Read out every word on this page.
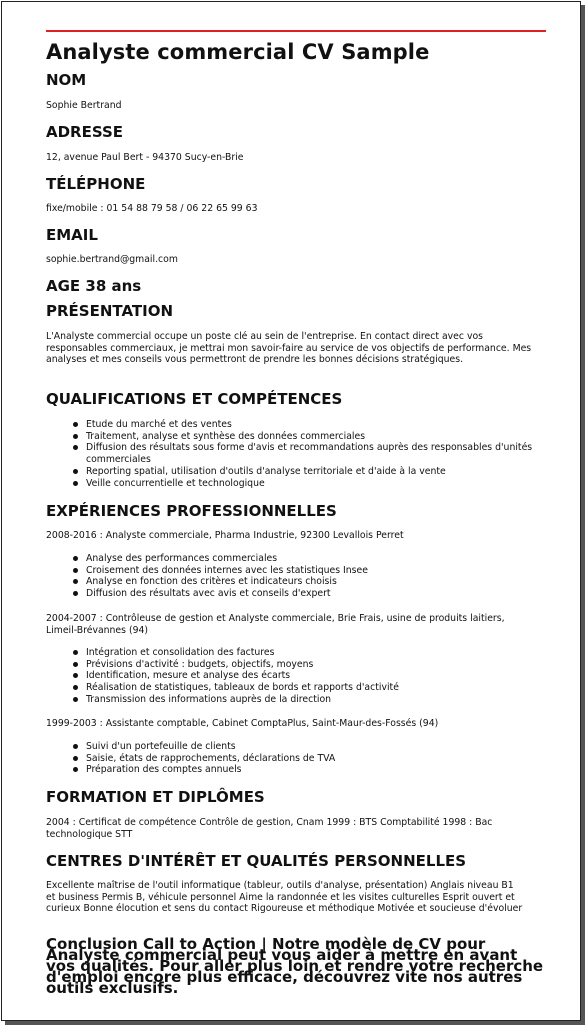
Analyste commercial CV Sample
NOM
Sophie Bertrand
ADRESSE
12, avenue Paul Bert - 94370 Sucy-en-Brie
TÉLÉPHONE
fixe/mobile : 01 54 88 79 58 / 06 22 65 99 63
EMAIL
sophie.bertrand@gmail.com
AGE 38 ans
PRÉSENTATION
L'Analyste commercial occupe un poste clé au sein de l'entreprise. En contact direct avec vos responsables commerciaux, je mettrai mon savoir-faire au service de vos objectifs de performance. Mes analyses et mes conseils vous permettront de prendre les bonnes décisions stratégiques.
QUALIFICATIONS ET COMPÉTENCES
Etude du marché et des ventes
Traitement, analyse et synthèse des données commerciales
Diffusion des résultats sous forme d'avis et recommandations auprès des responsables d'unités commerciales
Reporting spatial, utilisation d'outils d'analyse territoriale et d'aide à la vente
Veille concurrentielle et technologique
EXPÉRIENCES PROFESSIONNELLES
2008-2016 : Analyste commerciale, Pharma Industrie, 92300 Levallois Perret
Analyse des performances commerciales
Croisement des données internes avec les statistiques Insee
Analyse en fonction des critères et indicateurs choisis
Diffusion des résultats avec avis et conseils d'expert
2004-2007 : Contrôleuse de gestion et Analyste commerciale, Brie Frais, usine de produits laitiers, Limeil-Brévannes (94)
Intégration et consolidation des factures
Prévisions d'activité : budgets, objectifs, moyens
Identification, mesure et analyse des écarts
Réalisation de statistiques, tableaux de bords et rapports d'activité
Transmission des informations auprès de la direction
1999-2003 : Assistante comptable, Cabinet ComptaPlus, Saint-Maur-des-Fossés (94)
Suivi d'un portefeuille de clients
Saisie, états de rapprochements, déclarations de TVA
Préparation des comptes annuels
FORMATION ET DIPLÔMES
2004 : Certificat de compétence Contrôle de gestion, Cnam 1999 : BTS Comptabilité 1998 : Bac technologique STT
CENTRES D'INTÉRÊT ET QUALITÉS PERSONNELLES
Excellente maîtrise de l'outil informatique (tableur, outils d'analyse, présentation) Anglais niveau B1 et business Permis B, véhicule personnel Aime la randonnée et les visites culturelles Esprit ouvert et curieux Bonne élocution et sens du contact Rigoureuse et méthodique Motivée et soucieuse d'évoluer
Conclusion Call to Action | Notre modèle de CV pour Analyste commercial peut vous aider à mettre en avant vos qualités. Pour aller plus loin et rendre votre recherche d'emploi encore plus efficace, découvrez vite nos autres outils exclusifs.
